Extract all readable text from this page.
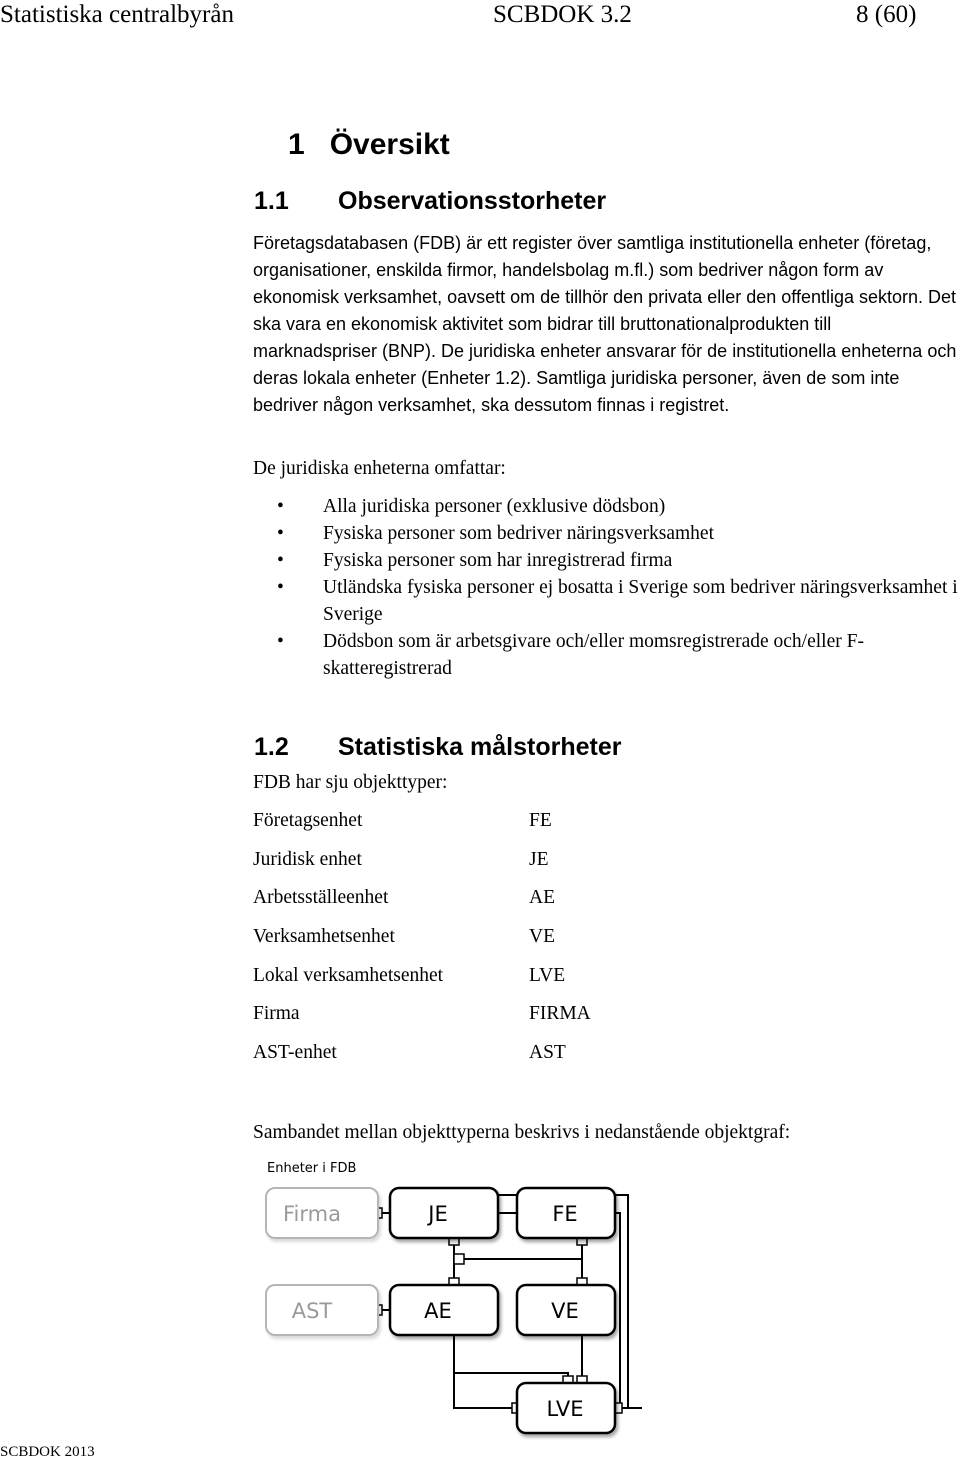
Statistiska centralbyrån	SCBDOK 3.2	8 (60)
1 Översikt
1.1 Observationsstorheter
Företagsdatabasen (FDB) är ett register över samtliga institutionella enheter (företag, organisationer, enskilda firmor, handelsbolag m.fl.) som bedriver någon form av ekonomisk verksamhet, oavsett om de tillhör den privata eller den offentliga sektorn. Det ska vara en ekonomisk aktivitet som bidrar till bruttonationalprodukten till marknadspriser (BNP). De juridiska enheter ansvarar för de institutionella enheterna och deras lokala enheter (Enheter 1.2). Samtliga juridiska personer, även de som inte bedriver någon verksamhet, ska dessutom finnas i registret.
De juridiska enheterna omfattar:
• Alla juridiska personer (exklusive dödsbon)
• Fysiska personer som bedriver näringsverksamhet
• Fysiska personer som har inregistrerad firma
• Utländska fysiska personer ej bosatta i Sverige som bedriver näringsverksamhet i Sverige
• Dödsbon som är arbetsgivare och/eller momsregistrerade och/eller F-skatteregistrerad
1.2 Statistiska målstorheter
FDB har sju objekttyper:
Företagsenhet	FE
Juridisk enhet	JE
Arbetsställeenhet	AE
Verksamhetsenhet	VE
Lokal verksamhetsenhet	LVE
Firma	FIRMA
AST-enhet	AST
Sambandet mellan objekttyperna beskrivs i nedanstående objektgraf:
Enheter i FDB
Firma	JE	FE
AST	AE	VE
LVE
SCBDOK 2013
